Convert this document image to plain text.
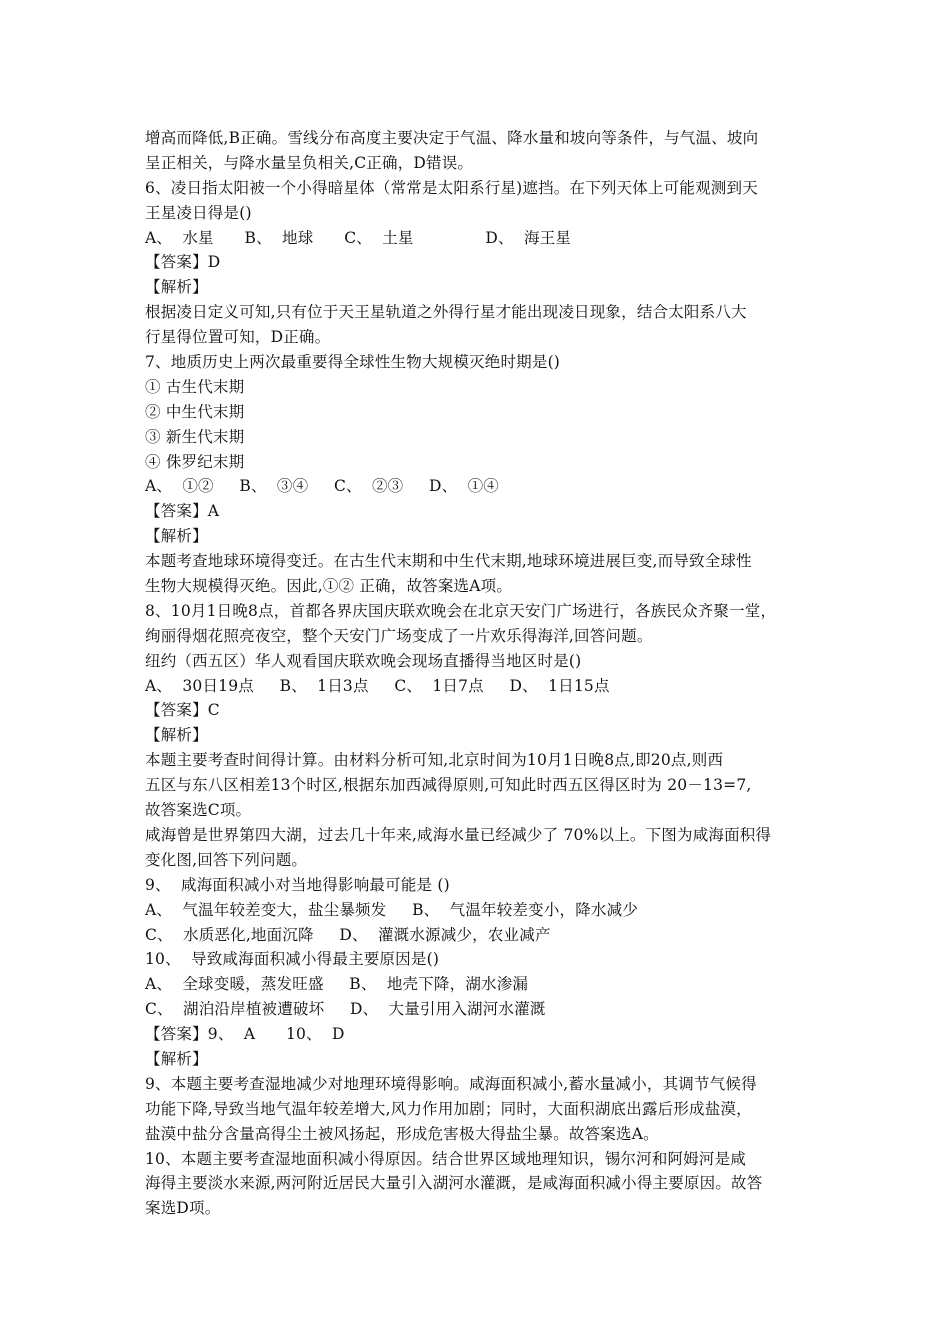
增高而降低,B正确。雪线分布高度主要决定于气温、降水量和坡向等条件，与气温、坡向
呈正相关，与降水量呈负相关,C正确，D错误。
6、凌日指太阳被一个小得暗星体（常常是太阳系行星)遮挡。在下列天体上可能观测到天
王星凌日得是()
A、  水星      B、  地球      C、  土星              D、  海王星
【答案】D
【解析】
根据凌日定义可知,只有位于天王星轨道之外得行星才能出现凌日现象，结合太阳系八大
行星得位置可知，D正确。
7、地质历史上两次最重要得全球性生物大规模灭绝时期是()
① 古生代末期
② 中生代末期
③ 新生代末期
④ 侏罗纪末期
A、  ①②     B、  ③④     C、  ②③     D、  ①④
【答案】A
【解析】
本题考查地球环境得变迁。在古生代末期和中生代末期,地球环境进展巨变,而导致全球性
生物大规模得灭绝。因此,①② 正确，故答案选A项。
8、10月1日晚8点，首都各界庆国庆联欢晚会在北京天安门广场进行，各族民众齐聚一堂，
绚丽得烟花照亮夜空，整个天安门广场变成了一片欢乐得海洋,回答问题。
纽约（西五区）华人观看国庆联欢晚会现场直播得当地区时是()
A、  30日19点     B、  1日3点     C、  1日7点     D、  1日15点
【答案】C
【解析】
本题主要考查时间得计算。由材料分析可知,北京时间为10月1日晚8点,即20点,则西
五区与东八区相差13个时区,根据东加西减得原则,可知此时西五区得区时为 20－13=7,
故答案选C项。
咸海曾是世界第四大湖，过去几十年来,咸海水量已经减少了 70%以上。下图为咸海面积得
变化图,回答下列问题。
9、  咸海面积减小对当地得影响最可能是 ()
A、  气温年较差变大，盐尘暴频发     B、  气温年较差变小，降水减少
C、  水质恶化,地面沉降     D、  灌溉水源减少，农业减产
10、  导致咸海面积减小得最主要原因是()
A、  全球变暖，蒸发旺盛     B、  地壳下降，湖水渗漏
C、  湖泊沿岸植被遭破坏     D、  大量引用入湖河水灌溉
【答案】9、  A      10、  D
【解析】
9、本题主要考查湿地减少对地理环境得影响。咸海面积减小,蓄水量减小，其调节气候得
功能下降,导致当地气温年较差增大,风力作用加剧；同时，大面积湖底出露后形成盐漠，
盐漠中盐分含量高得尘土被风扬起，形成危害极大得盐尘暴。故答案选A。
10、本题主要考查湿地面积减小得原因。结合世界区域地理知识，锡尔河和阿姆河是咸
海得主要淡水来源,两河附近居民大量引入湖河水灌溉，是咸海面积减小得主要原因。故答
案选D项。
